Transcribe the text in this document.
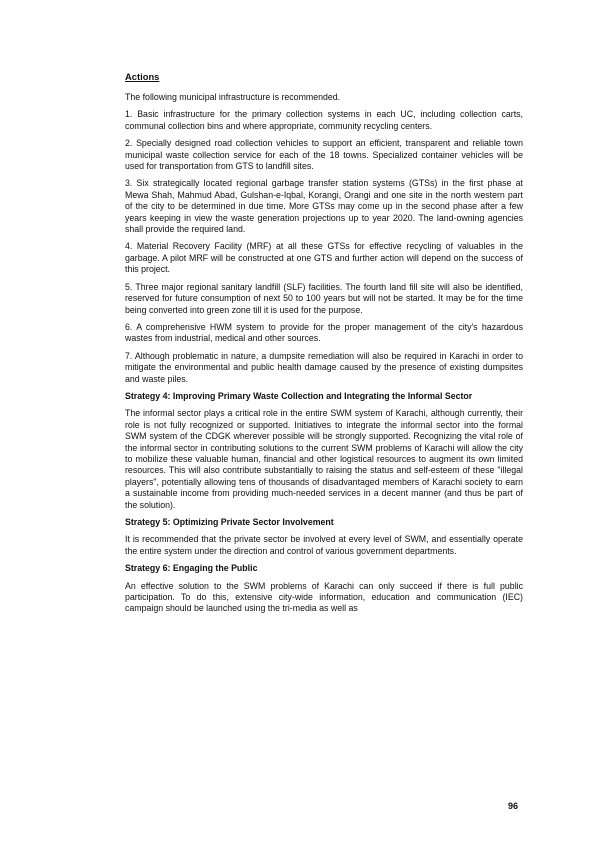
Actions

The following municipal infrastructure is recommended.

1. Basic infrastructure for the primary collection systems in each UC, including collection carts, communal collection bins and where appropriate, community recycling centers.

2. Specially designed road collection vehicles to support an efficient, transparent and reliable town municipal waste collection service for each of the 18 towns. Specialized container vehicles will be used for transportation from GTS to landfill sites.

3. Six strategically located regional garbage transfer station systems (GTSs) in the first phase at Mewa Shah, Mahmud Abad, Gulshan-e-Iqbal, Korangi, Orangi and one site in the north western part of the city to be determined in due time. More GTSs may come up in the second phase after a few years keeping in view the waste generation projections up to year 2020. The land-owning agencies shall provide the required land.

4. Material Recovery Facility (MRF) at all these GTSs for effective recycling of valuables in the garbage. A pilot MRF will be constructed at one GTS and further action will depend on the success of this project.

5. Three major regional sanitary landfill (SLF) facilities. The fourth land fill site will also be identified, reserved for future consumption of next 50 to 100 years but will not be started. It may be for the time being converted into green zone till it is used for the purpose.

6. A comprehensive HWM system to provide for the proper management of the city's hazardous wastes from industrial, medical and other sources.

7. Although problematic in nature, a dumpsite remediation will also be required in Karachi in order to mitigate the environmental and public health damage caused by the presence of existing dumpsites and waste piles.

Strategy 4: Improving Primary Waste Collection and Integrating the Informal Sector

The informal sector plays a critical role in the entire SWM system of Karachi, although currently, their role is not fully recognized or supported. Initiatives to integrate the informal sector into the formal SWM system of the CDGK wherever possible will be strongly supported. Recognizing the vital role of the informal sector in contributing solutions to the current SWM problems of Karachi will allow the city to mobilize these valuable human, financial and other logistical resources to augment its own limited resources. This will also contribute substantially to raising the status and self-esteem of these "illegal players", potentially allowing tens of thousands of disadvantaged members of Karachi society to earn a sustainable income from providing much-needed services in a decent manner (and thus be part of the solution).

Strategy 5: Optimizing Private Sector Involvement

It is recommended that the private sector be involved at every level of SWM, and essentially operate the entire system under the direction and control of various government departments.

Strategy 6: Engaging the Public

An effective solution to the SWM problems of Karachi can only succeed if there is full public participation. To do this, extensive city-wide information, education and communication (IEC) campaign should be launched using the tri-media as well as

96
